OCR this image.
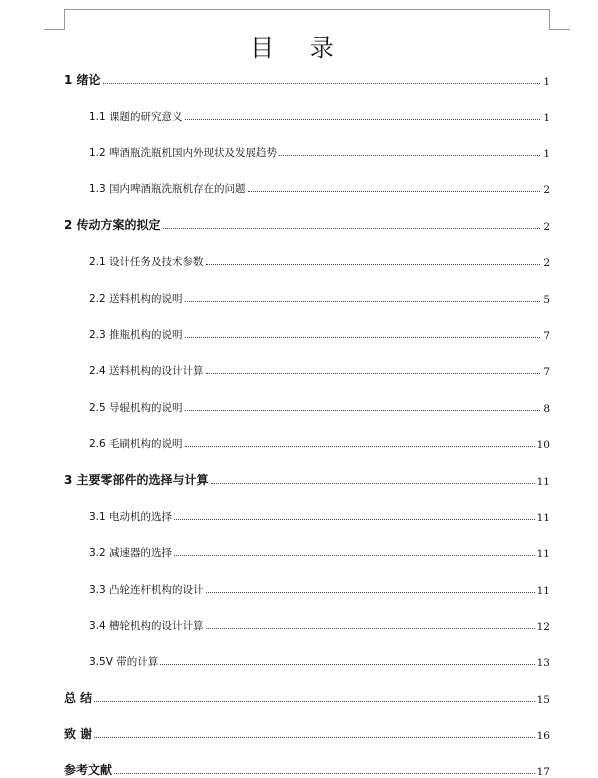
目 录
1 绪论	1
1.1 课题的研究意义	1
1.2 啤酒瓶洗瓶机国内外现状及发展趋势	1
1.3 国内啤酒瓶洗瓶机存在的问题	2
2 传动方案的拟定	2
2.1 设计任务及技术参数	2
2.2 送料机构的说明	5
2.3 推瓶机构的说明	7
2.4 送料机构的设计计算	7
2.5 导辊机构的说明	8
2.6 毛刷机构的说明	10
3 主要零部件的选择与计算	11
3.1 电动机的选择	11
3.2 减速器的选择	11
3.3 凸轮连杆机构的设计	11
3.4 槽轮机构的设计计算	12
3.5V 带的计算	13
总 结	15
致 谢	16
参考文献	17
